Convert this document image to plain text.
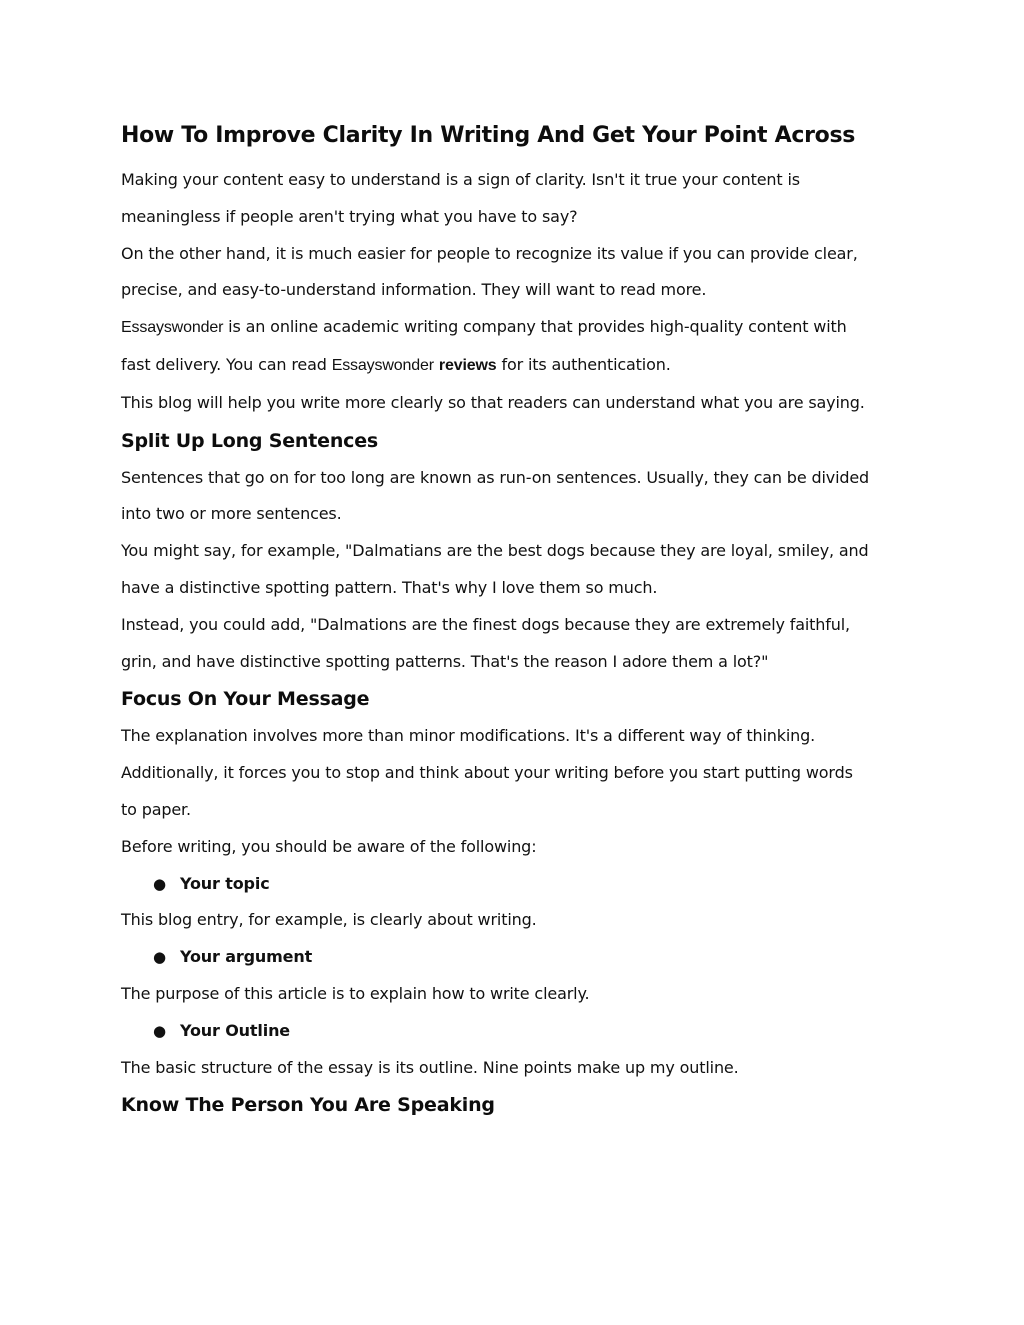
How To Improve Clarity In Writing And Get Your Point Across

Making your content easy to understand is a sign of clarity. Isn't it true your content is

meaningless if people aren't trying what you have to say?

On the other hand, it is much easier for people to recognize its value if you can provide clear,

precise, and easy-to-understand information. They will want to read more.

Essayswonder is an online academic writing company that provides high-quality content with

fast delivery. You can read Essayswonder reviews for its authentication.

This blog will help you write more clearly so that readers can understand what you are saying.

Split Up Long Sentences

Sentences that go on for too long are known as run-on sentences. Usually, they can be divided

into two or more sentences.

You might say, for example, "Dalmatians are the best dogs because they are loyal, smiley, and

have a distinctive spotting pattern. That's why I love them so much.

Instead, you could add, "Dalmations are the finest dogs because they are extremely faithful,

grin, and have distinctive spotting patterns. That's the reason I adore them a lot?"

Focus On Your Message

The explanation involves more than minor modifications. It's a different way of thinking.

Additionally, it forces you to stop and think about your writing before you start putting words

to paper.

Before writing, you should be aware of the following:

● Your topic

This blog entry, for example, is clearly about writing.

● Your argument

The purpose of this article is to explain how to write clearly.

● Your Outline

The basic structure of the essay is its outline. Nine points make up my outline.

Know The Person You Are Speaking
